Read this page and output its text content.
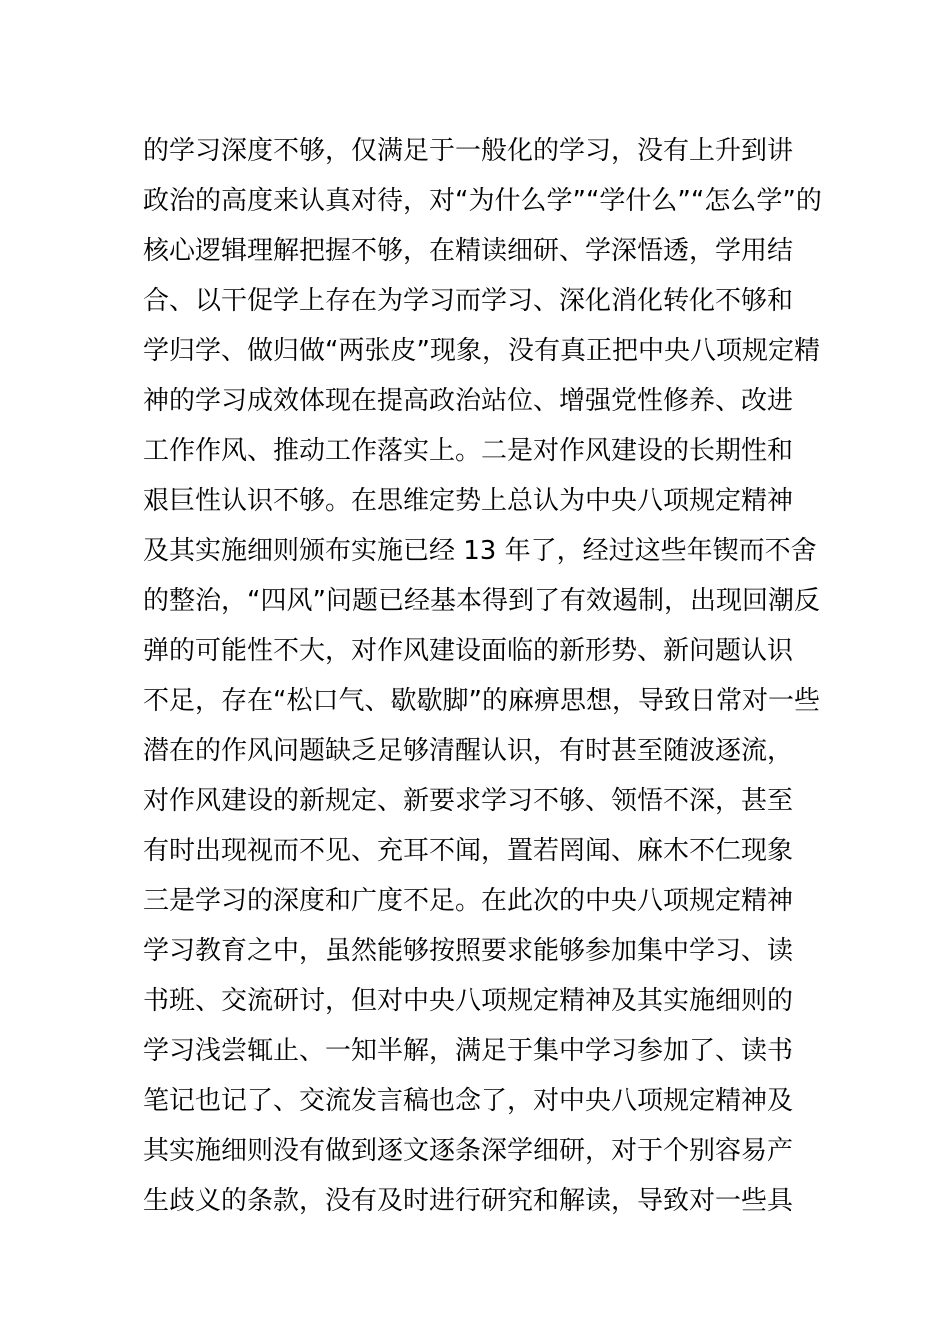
的学习深度不够，仅满足于一般化的学习，没有上升到讲
政治的高度来认真对待，对“为什么学”“学什么”“怎么学”的
核心逻辑理解把握不够，在精读细研、学深悟透，学用结
合、以干促学上存在为学习而学习、深化消化转化不够和
学归学、做归做“两张皮”现象，没有真正把中央八项规定精
神的学习成效体现在提高政治站位、增强党性修养、改进
工作作风、推动工作落实上。二是对作风建设的长期性和
艰巨性认识不够。在思维定势上总认为中央八项规定精神
及其实施细则颁布实施已经 13 年了，经过这些年锲而不舍
的整治，“四风”问题已经基本得到了有效遏制，出现回潮反
弹的可能性不大，对作风建设面临的新形势、新问题认识
不足，存在“松口气、歇歇脚”的麻痹思想，导致日常对一些
潜在的作风问题缺乏足够清醒认识，有时甚至随波逐流，
对作风建设的新规定、新要求学习不够、领悟不深，甚至
有时出现视而不见、充耳不闻，置若罔闻、麻木不仁现象
三是学习的深度和广度不足。在此次的中央八项规定精神
学习教育之中，虽然能够按照要求能够参加集中学习、读
书班、交流研讨，但对中央八项规定精神及其实施细则的
学习浅尝辄止、一知半解，满足于集中学习参加了、读书
笔记也记了、交流发言稿也念了，对中央八项规定精神及
其实施细则没有做到逐文逐条深学细研，对于个别容易产
生歧义的条款，没有及时进行研究和解读，导致对一些具
